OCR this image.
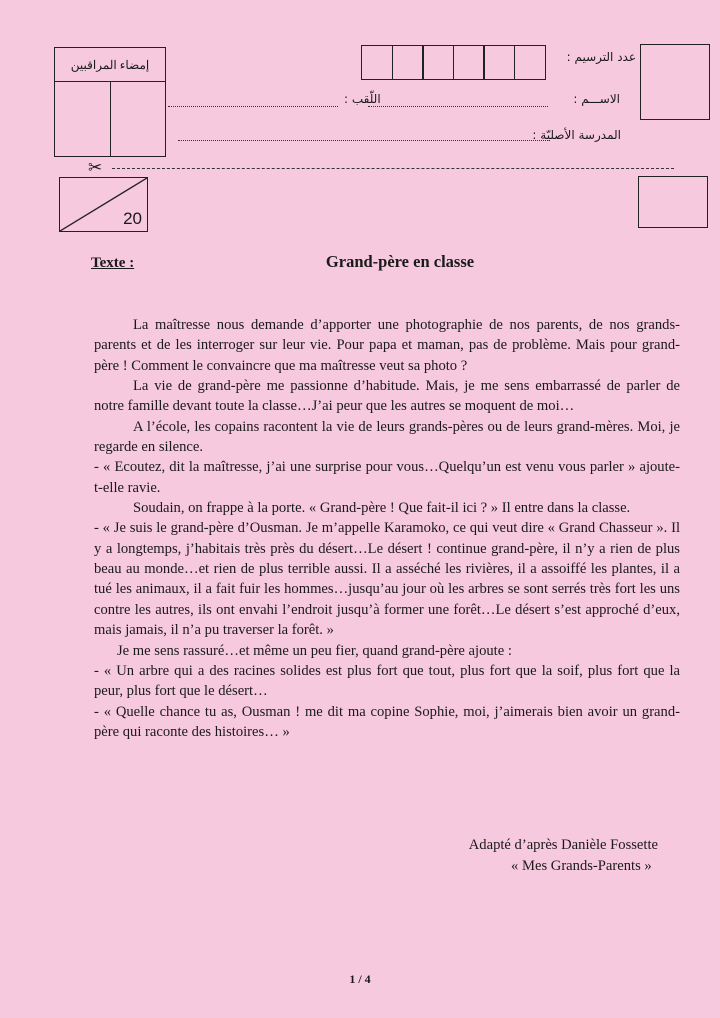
إمضاء المراقبين
عدد الترسيم :
الاســـم :
اللّقب :
المدرسة الأصليّة :
✂
20
Texte :	Grand-père en classe

La maîtresse nous demande d’apporter une photographie de nos parents, de nos grands-parents et de les interroger sur leur vie. Pour papa et maman, pas de problème. Mais pour grand-père ! Comment le convaincre que ma maîtresse veut sa photo ?

La vie de grand-père me passionne d’habitude. Mais, je me sens embarrassé de parler de notre famille devant toute la classe…J’ai peur que les autres se moquent de moi…

A l’école, les copains racontent la vie de leurs grands-pères ou de leurs grand-mères. Moi, je regarde en silence.

- « Ecoutez, dit la maîtresse, j’ai une surprise pour vous…Quelqu’un est venu vous parler » ajoute-t-elle ravie.

Soudain, on frappe à la porte. « Grand-père ! Que fait-il ici ? » Il entre dans la classe.

- « Je suis le grand-père d’Ousman. Je m’appelle Karamoko, ce qui veut dire « Grand Chasseur ». Il y a longtemps, j’habitais très près du désert…Le désert ! continue grand-père, il n’y a rien de plus beau au monde…et rien de plus terrible aussi. Il a asséché les rivières, il a assoiffé les plantes, il a tué les animaux, il a fait fuir les hommes…jusqu’au jour où les arbres se sont serrés très fort les uns contre les autres, ils ont envahi l’endroit jusqu’à former une forêt…Le désert s’est approché d’eux, mais jamais, il n’a pu traverser la forêt. »

Je me sens rassuré…et même un peu fier, quand grand-père ajoute :

- « Un arbre qui a des racines solides est plus fort que tout, plus fort que la soif, plus fort que la peur, plus fort que le désert…

- « Quelle chance tu as, Ousman ! me dit ma copine Sophie, moi, j’aimerais bien avoir un grand-père qui raconte des histoires… »

Adapté d’après Danièle Fossette
« Mes Grands-Parents »
1 / 4
